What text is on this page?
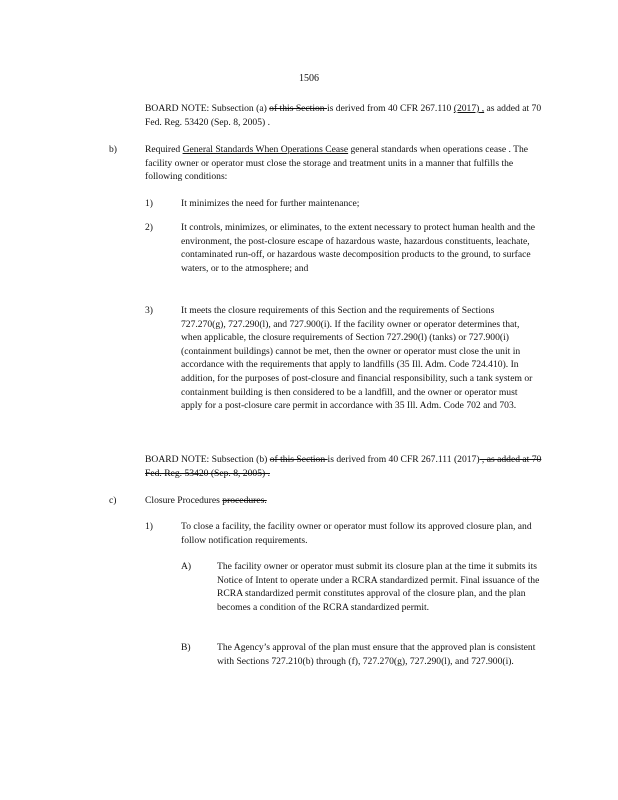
1506

BOARD NOTE: Subsection (a) of this Section is derived from 40 CFR 267.110 (2017) , as added at 70 Fed. Reg. 53420 (Sep. 8, 2005) .

b)	Required General Standards When Operations Cease general standards when operations cease . The facility owner or operator must close the storage and treatment units in a manner that fulfills the following conditions:

1)	It minimizes the need for further maintenance;
2)	It controls, minimizes, or eliminates, to the extent necessary to protect human health and the environment, the post-closure escape of hazardous waste, hazardous constituents, leachate, contaminated run-off, or hazardous waste decomposition products to the ground, to surface waters, or to the atmosphere; and
3)	It meets the closure requirements of this Section and the requirements of Sections 727.270(g), 727.290(l), and 727.900(i). If the facility owner or operator determines that, when applicable, the closure requirements of Section 727.290(l) (tanks) or 727.900(i) (containment buildings) cannot be met, then the owner or operator must close the unit in accordance with the requirements that apply to landfills (35 Ill. Adm. Code 724.410). In addition, for the purposes of post-closure and financial responsibility, such a tank system or containment building is then considered to be a landfill, and the owner or operator must apply for a post-closure care permit in accordance with 35 Ill. Adm. Code 702 and 703.

BOARD NOTE: Subsection (b) of this Section is derived from 40 CFR 267.111 (2017) , as added at 70 Fed. Reg. 53420 (Sep. 8, 2005) .

c)	Closure Procedures procedures.

1)	To close a facility, the facility owner or operator must follow its approved closure plan, and follow notification requirements.
A)	The facility owner or operator must submit its closure plan at the time it submits its Notice of Intent to operate under a RCRA standardized permit. Final issuance of the RCRA standardized permit constitutes approval of the closure plan, and the plan becomes a condition of the RCRA standardized permit.
B)	The Agency’s approval of the plan must ensure that the approved plan is consistent with Sections 727.210(b) through (f), 727.270(g), 727.290(l), and 727.900(i).
